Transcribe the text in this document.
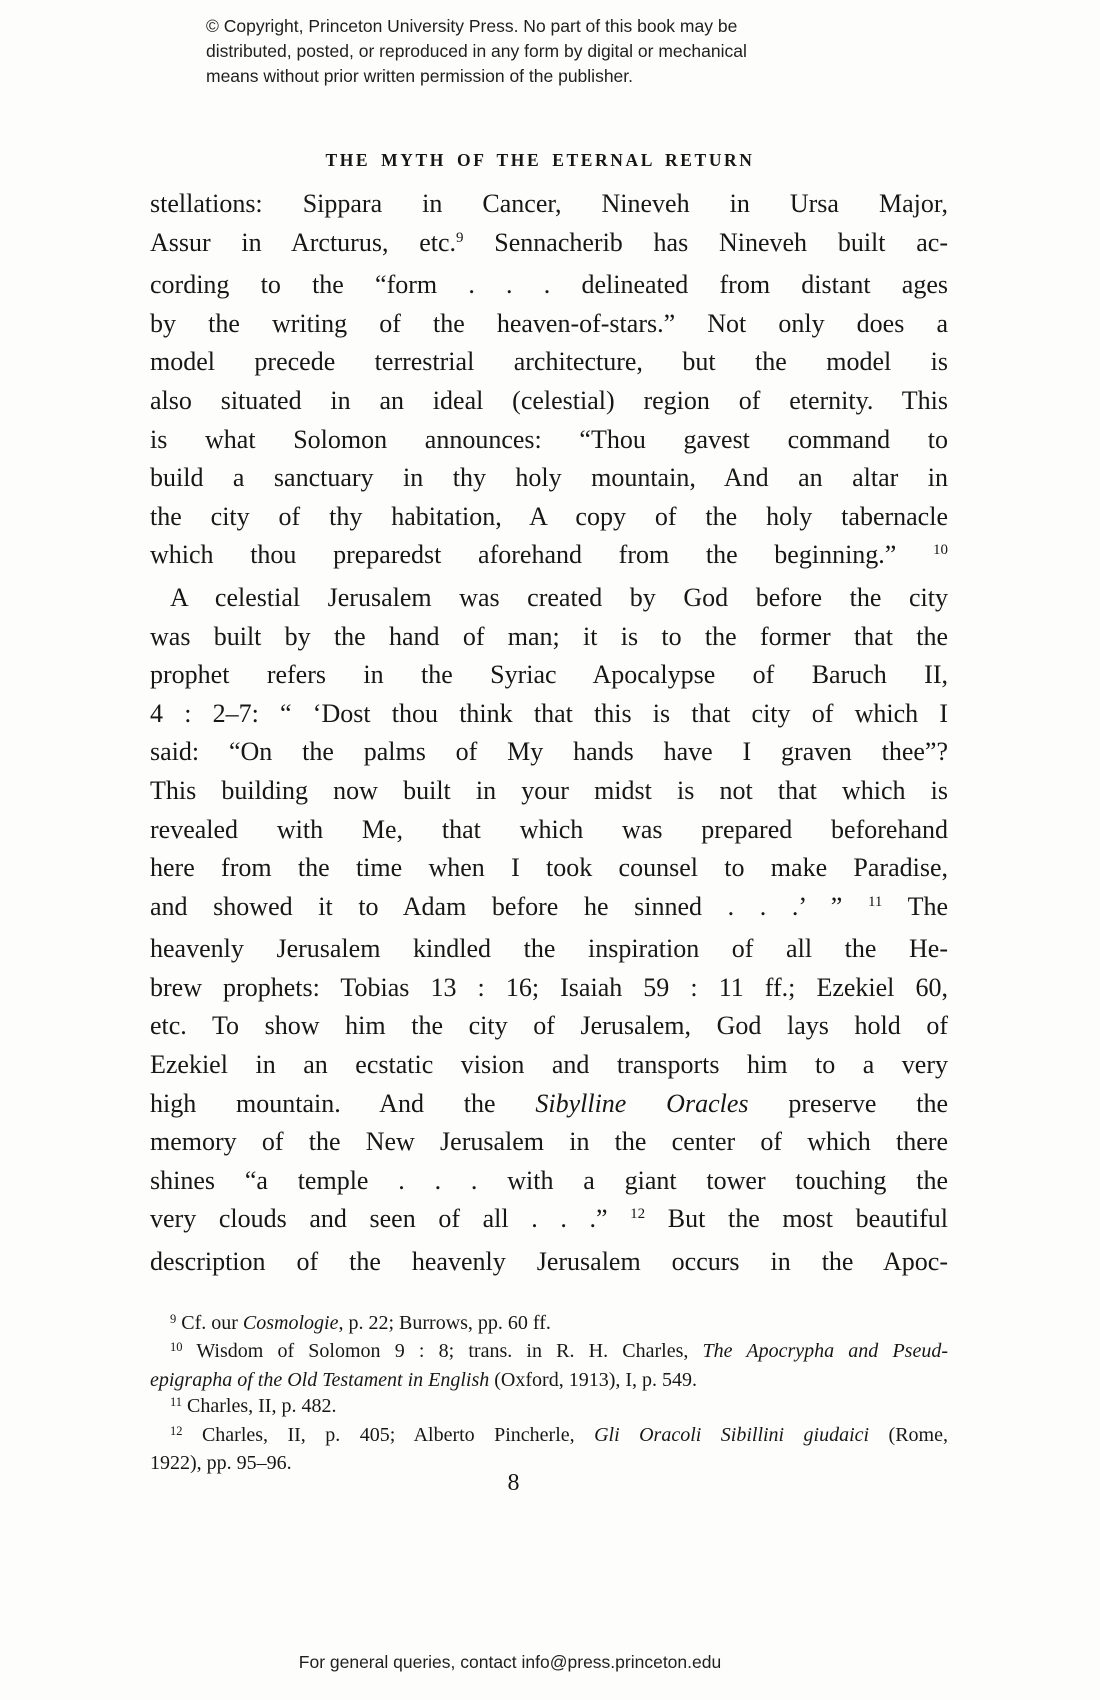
© Copyright, Princeton University Press. No part of this book may be
distributed, posted, or reproduced in any form by digital or mechanical
means without prior written permission of the publisher.
THE MYTH OF THE ETERNAL RETURN
stellations: Sippara in Cancer, Nineveh in Ursa Major,
Assur in Arcturus, etc.$^9$ Sennacherib has Nineveh built ac-
cording to the “form . . . delineated from distant ages
by the writing of the heaven-of-stars.” Not only does a
model precede terrestrial architecture, but the model is
also situated in an ideal (celestial) region of eternity. This
is what Solomon announces: “Thou gavest command to
build a sanctuary in thy holy mountain, And an altar in
the city of thy habitation, A copy of the holy tabernacle
which thou preparedst aforehand from the beginning.” $^{10}$
A celestial Jerusalem was created by God before the city
was built by the hand of man; it is to the former that the
prophet refers in the Syriac Apocalypse of Baruch II,
4 : 2–7: “ ‘Dost thou think that this is that city of which I
said: “On the palms of My hands have I graven thee”?
This building now built in your midst is not that which is
revealed with Me, that which was prepared beforehand
here from the time when I took counsel to make Paradise,
and showed it to Adam before he sinned . . .’ ” $^{11}$ The
heavenly Jerusalem kindled the inspiration of all the He-
brew prophets: Tobias 13 : 16; Isaiah 59 : 11 ff.; Ezekiel 60,
etc. To show him the city of Jerusalem, God lays hold of
Ezekiel in an ecstatic vision and transports him to a very
high mountain. And the Sibylline Oracles preserve the
memory of the New Jerusalem in the center of which there
shines “a temple . . . with a giant tower touching the
very clouds and seen of all . . .” $^{12}$ But the most beautiful
description of the heavenly Jerusalem occurs in the Apoc-
$^9$ Cf. our Cosmologie, p. 22; Burrows, pp. 60 ff.
$^{10}$ Wisdom of Solomon 9 : 8; trans. in R. H. Charles, The Apocrypha and Pseud-
epigrapha of the Old Testament in English (Oxford, 1913), I, p. 549.
$^{11}$ Charles, II, p. 482.
$^{12}$ Charles, II, p. 405; Alberto Pincherle, Gli Oracoli Sibillini giudaici (Rome,
1922), pp. 95–96.
8
For general queries, contact info@press.princeton.edu
